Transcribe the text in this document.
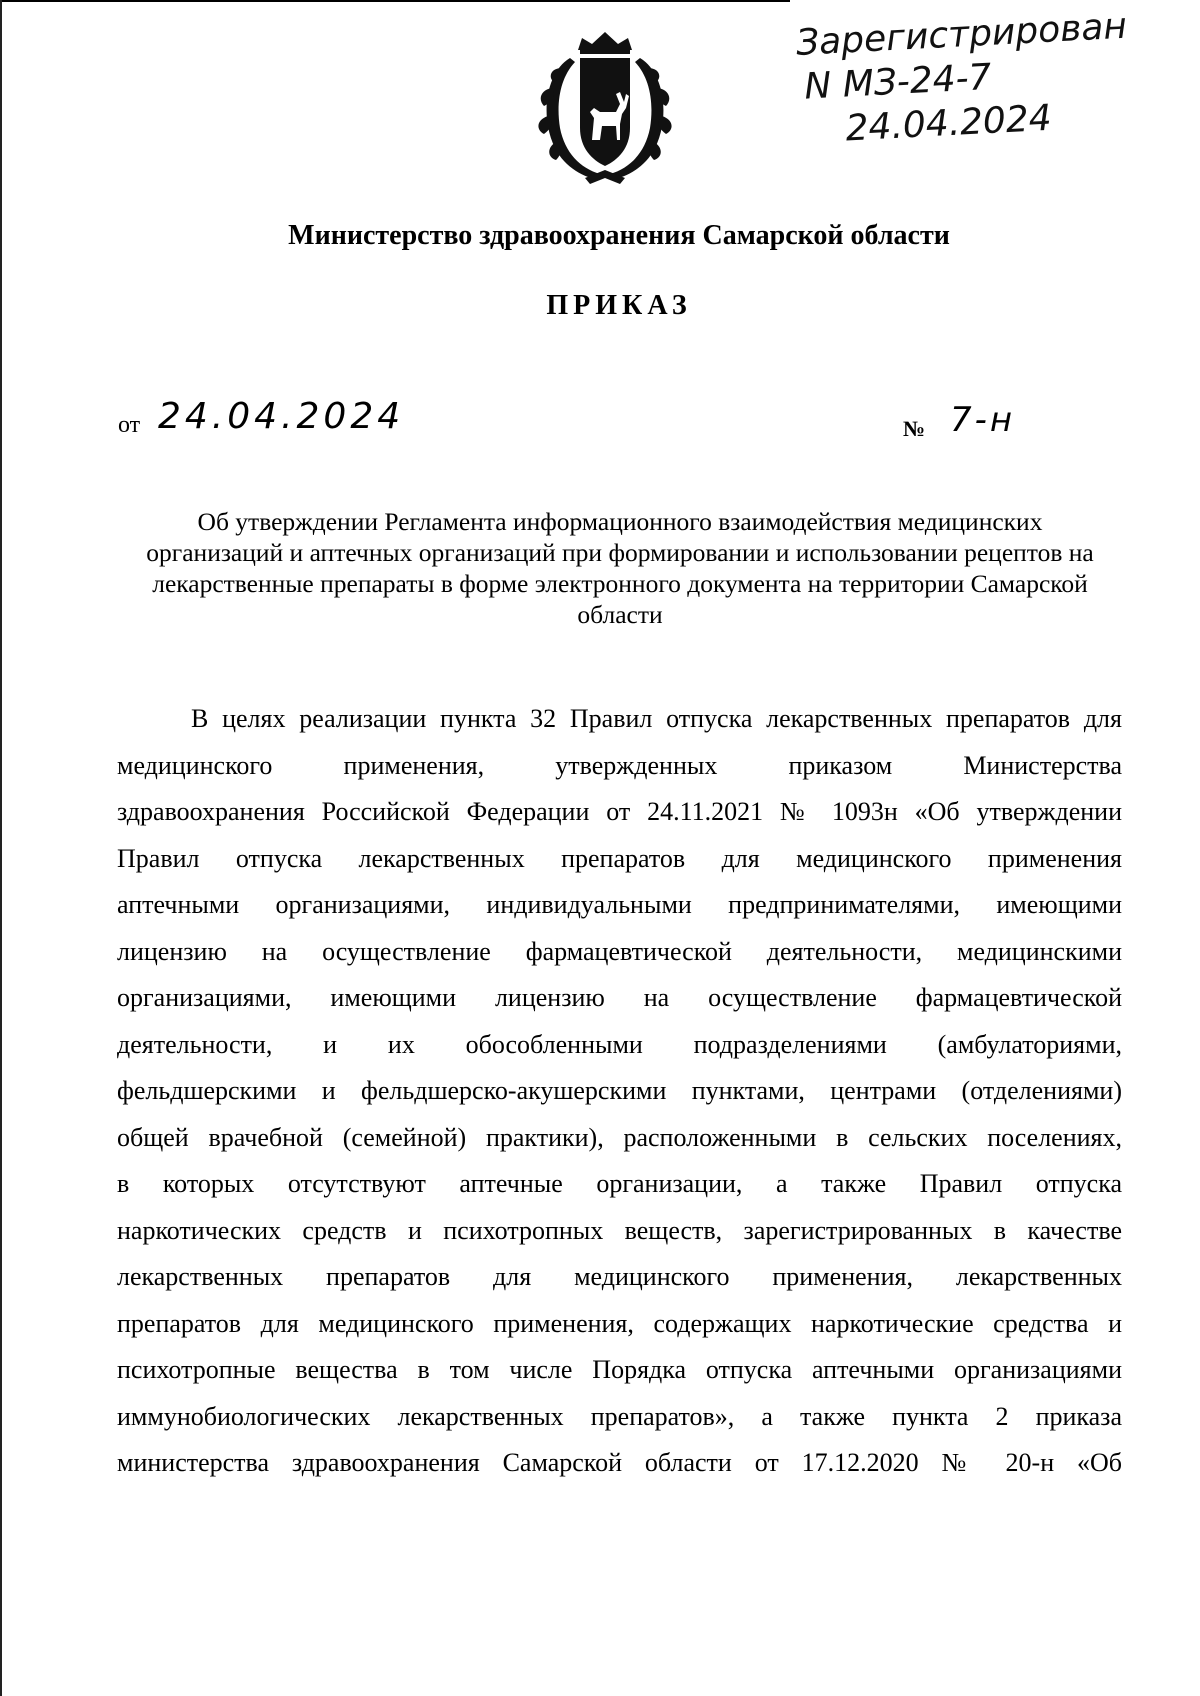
Зарегистрирован
N МЗ-24-7
24.04.2024
Министерство здравоохранения Самарской области
ПРИКАЗ
от 24.04.2024	№ 7-н
Об утверждении Регламента информационного взаимодействия медицинских организаций и аптечных организаций при формировании и использовании рецептов на лекарственные препараты в форме электронного документа на территории Самарской области
В целях реализации пункта 32 Правил отпуска лекарственных препаратов для
медицинского применения, утвержденных приказом Министерства
здравоохранения Российской Федерации от 24.11.2021 № 1093н «Об утверждении
Правил отпуска лекарственных препаратов для медицинского применения
аптечными организациями, индивидуальными предпринимателями, имеющими
лицензию на осуществление фармацевтической деятельности, медицинскими
организациями, имеющими лицензию на осуществление фармацевтической
деятельности, и их обособленными подразделениями (амбулаториями,
фельдшерскими и фельдшерско-акушерскими пунктами, центрами (отделениями)
общей врачебной (семейной) практики), расположенными в сельских поселениях,
в которых отсутствуют аптечные организации, а также Правил отпуска
наркотических средств и психотропных веществ, зарегистрированных в качестве
лекарственных препаратов для медицинского применения, лекарственных
препаратов для медицинского применения, содержащих наркотические средства и
психотропные вещества в том числе Порядка отпуска аптечными организациями
иммунобиологических лекарственных препаратов», а также пункта 2 приказа
министерства здравоохранения Самарской области от 17.12.2020 № 20-н «Об
